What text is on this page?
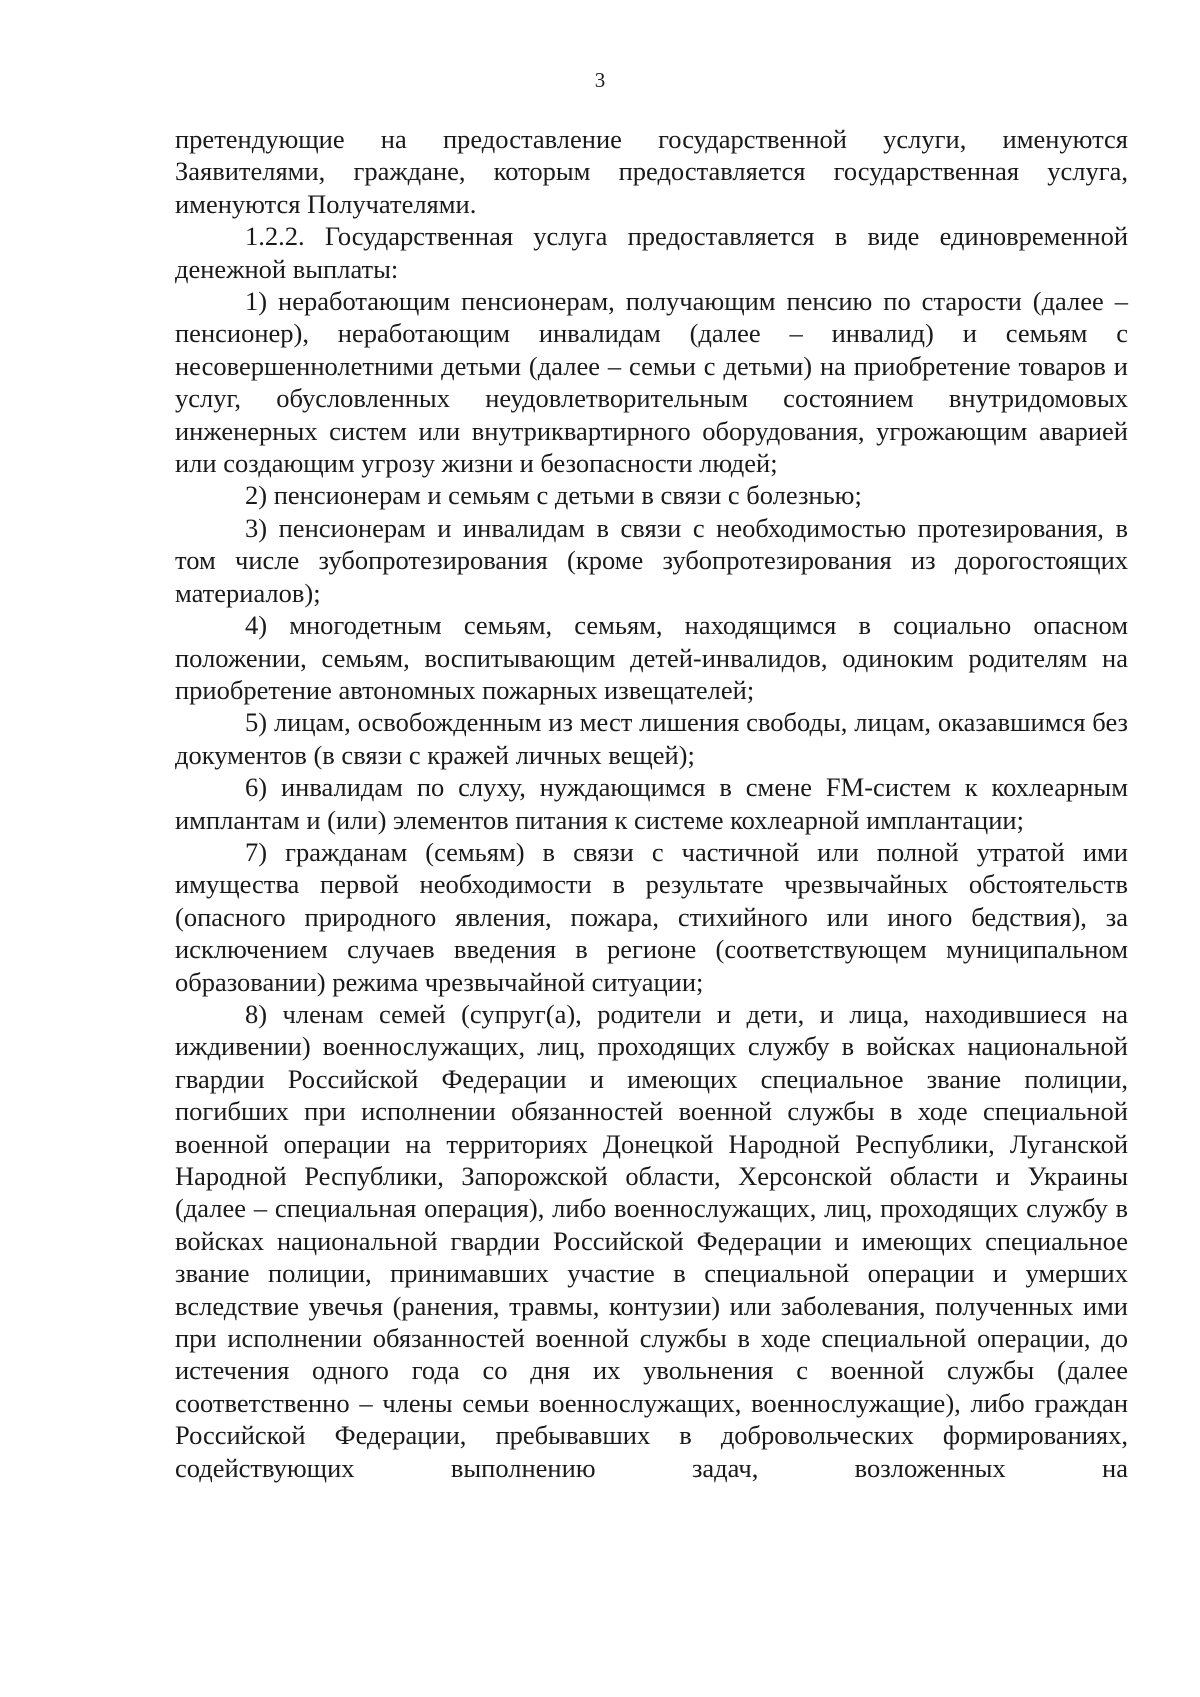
3

претендующие на предоставление государственной услуги, именуются Заявителями, граждане, которым предоставляется государственная услуга, именуются Получателями.

1.2.2. Государственная услуга предоставляется в виде единовременной денежной выплаты:

1) неработающим пенсионерам, получающим пенсию по старости (далее – пенсионер), неработающим инвалидам (далее – инвалид) и семьям с несовершеннолетними детьми (далее – семьи с детьми) на приобретение товаров и услуг, обусловленных неудовлетворительным состоянием внутридомовых инженерных систем или внутриквартирного оборудования, угрожающим аварией или создающим угрозу жизни и безопасности людей;

2) пенсионерам и семьям с детьми в связи с болезнью;

3) пенсионерам и инвалидам в связи с необходимостью протезирования, в том числе зубопротезирования (кроме зубопротезирования из дорогостоящих материалов);

4) многодетным семьям, семьям, находящимся в социально опасном положении, семьям, воспитывающим детей-инвалидов, одиноким родителям на приобретение автономных пожарных извещателей;

5) лицам, освобожденным из мест лишения свободы, лицам, оказавшимся без документов (в связи с кражей личных вещей);

6) инвалидам по слуху, нуждающимся в смене FM-систем к кохлеарным имплантам и (или) элементов питания к системе кохлеарной имплантации;

7) гражданам (семьям) в связи с частичной или полной утратой ими имущества первой необходимости в результате чрезвычайных обстоятельств (опасного природного явления, пожара, стихийного или иного бедствия), за исключением случаев введения в регионе (соответствующем муниципальном образовании) режима чрезвычайной ситуации;

8) членам семей (супруг(а), родители и дети, и лица, находившиеся на иждивении) военнослужащих, лиц, проходящих службу в войсках национальной гвардии Российской Федерации и имеющих специальное звание полиции, погибших при исполнении обязанностей военной службы в ходе специальной военной операции на территориях Донецкой Народной Республики, Луганской Народной Республики, Запорожской области, Херсонской области и Украины (далее – специальная операция), либо военнослужащих, лиц, проходящих службу в войсках национальной гвардии Российской Федерации и имеющих специальное звание полиции, принимавших участие в специальной операции и умерших вследствие увечья (ранения, травмы, контузии) или заболевания, полученных ими при исполнении обязанностей военной службы в ходе специальной операции, до истечения одного года со дня их увольнения с военной службы (далее соответственно – члены семьи военнослужащих, военнослужащие), либо граждан Российской Федерации, пребывавших в добровольческих формированиях, содействующих выполнению задач, возложенных на
